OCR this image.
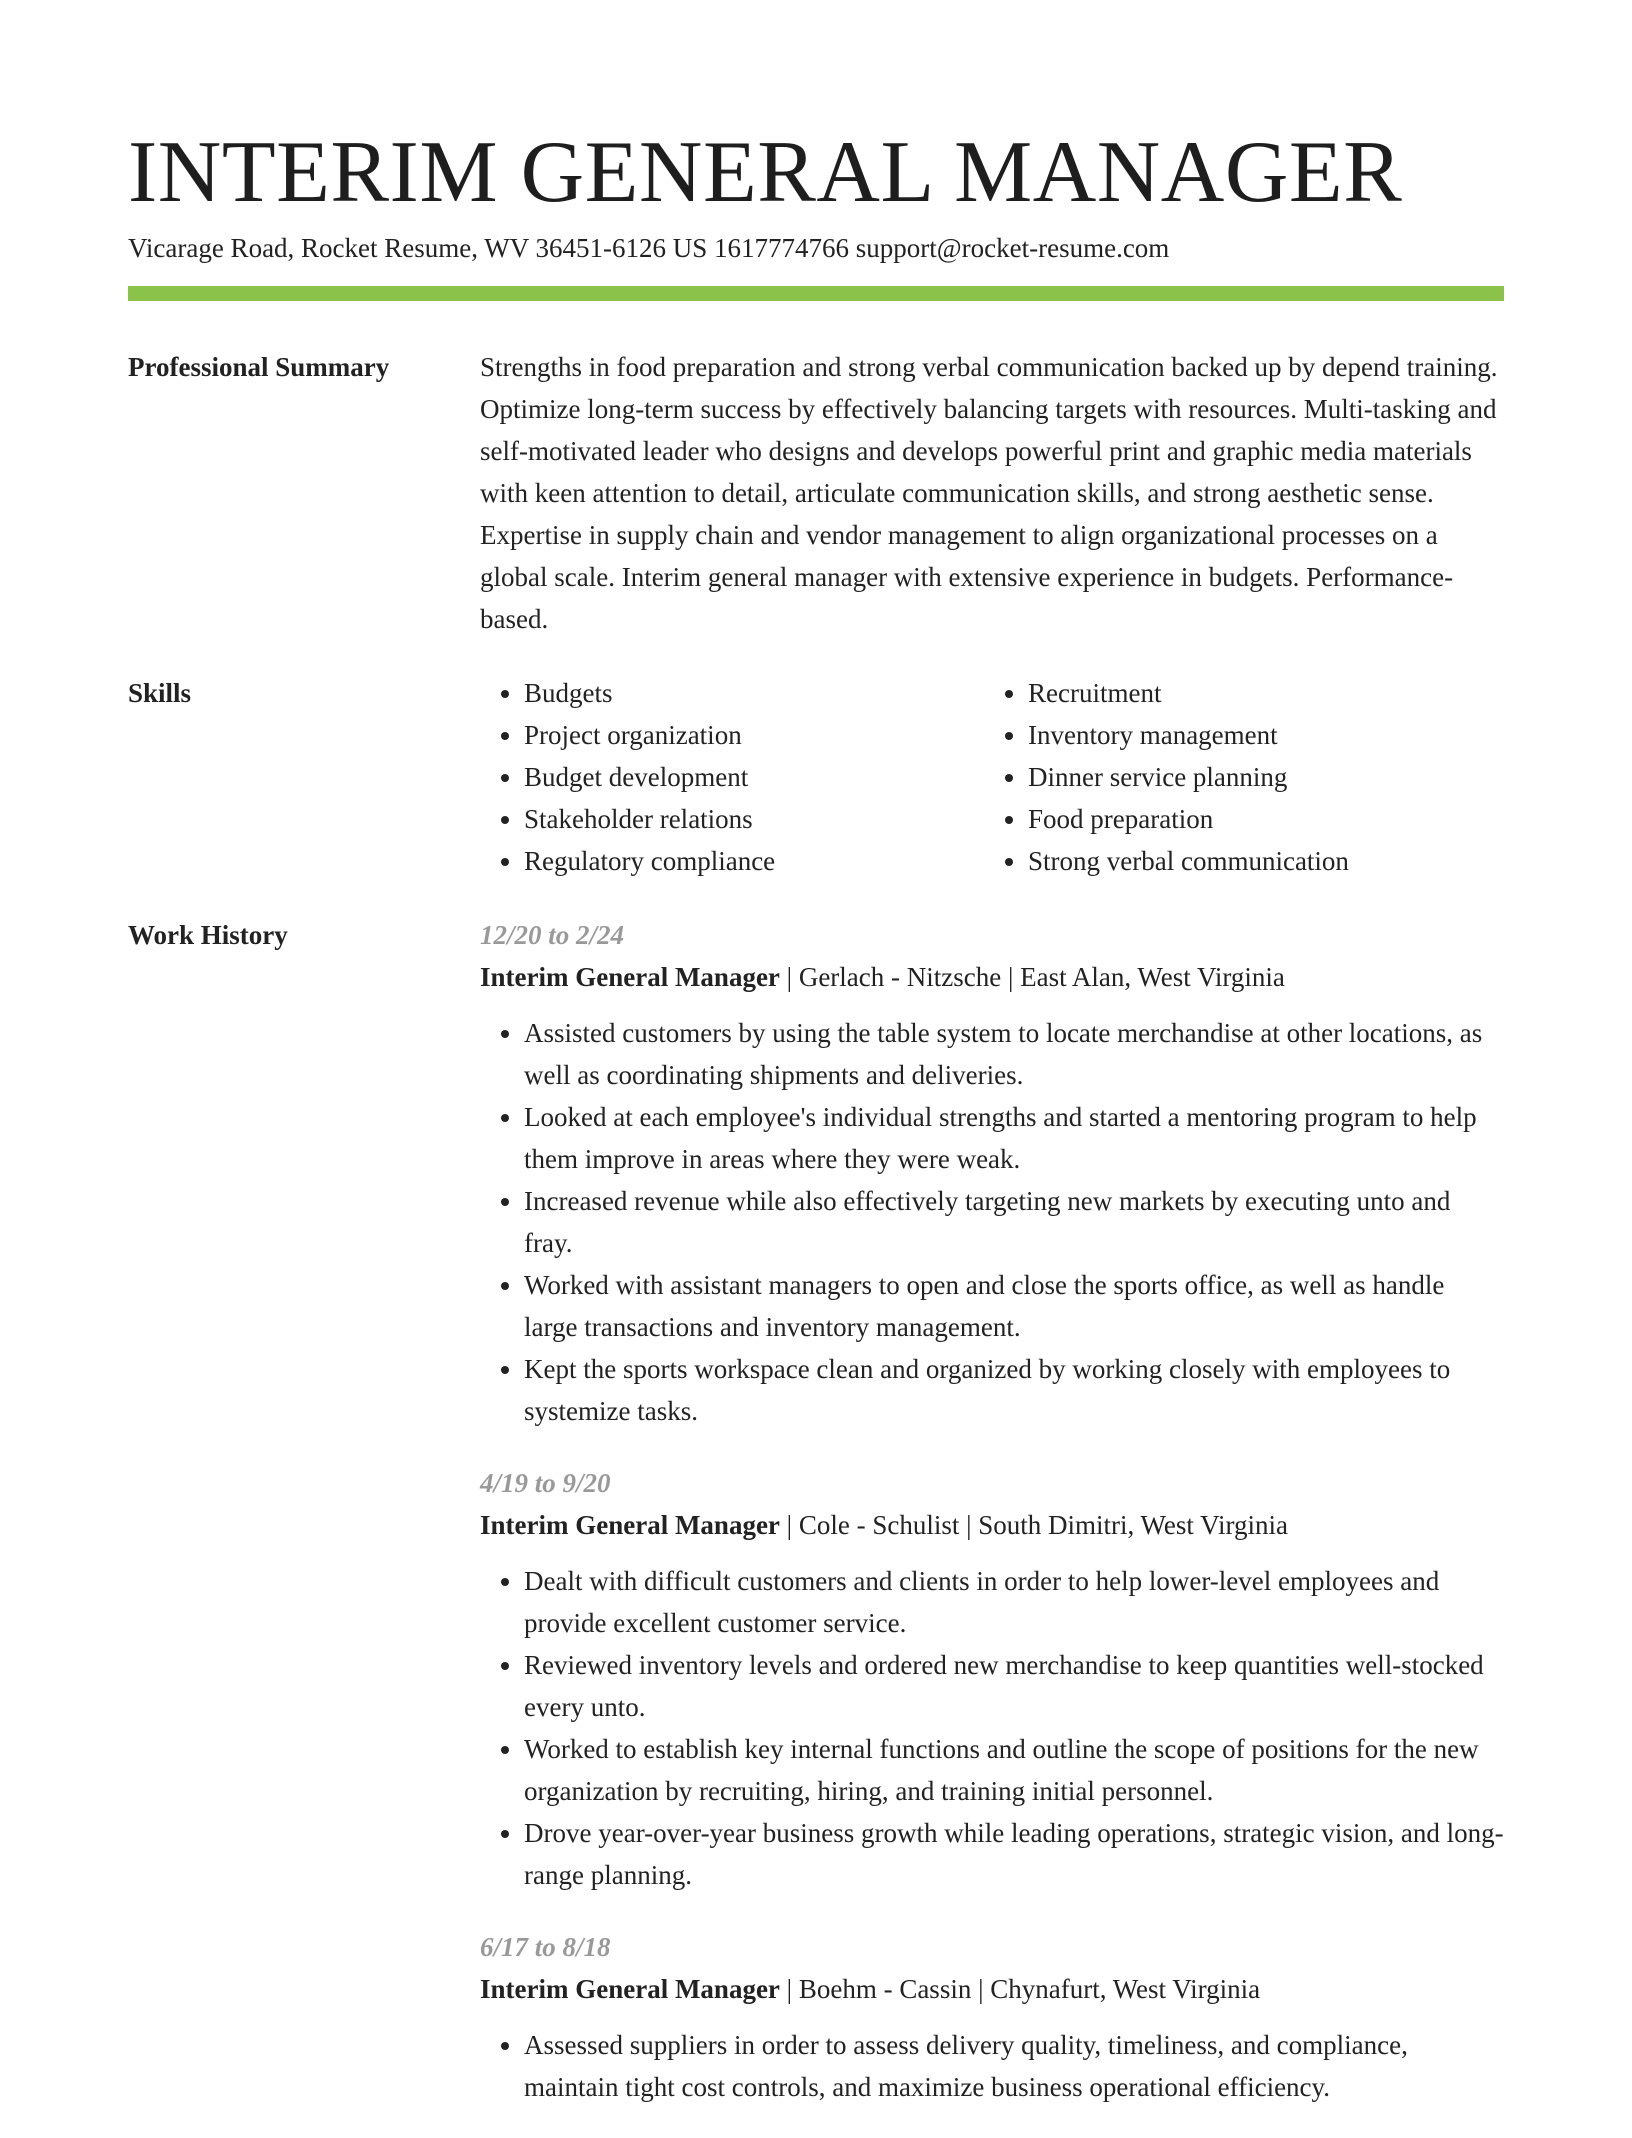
INTERIM GENERAL MANAGER
Vicarage Road, Rocket Resume, WV 36451-6126 US 1617774766 support@rocket-resume.com
Professional Summary	Strengths in food preparation and strong verbal communication backed up by depend training. Optimize long-term success by effectively balancing targets with resources. Multi-tasking and self-motivated leader who designs and develops powerful print and graphic media materials with keen attention to detail, articulate communication skills, and strong aesthetic sense. Expertise in supply chain and vendor management to align organizational processes on a global scale. Interim general manager with extensive experience in budgets. Performance-based.

Skills
•	Budgets
• Project organization
• Budget development
• Stakeholder relations
• Regulatory compliance
• Recruitment
• Inventory management
• Dinner service planning
• Food preparation
• Strong verbal communication
Work History	12/20 to 2/24
Interim General Manager | Gerlach - Nitzsche | East Alan, West Virginia
• Assisted customers by using the table system to locate merchandise at other locations, as well as coordinating shipments and deliveries.
• Looked at each employee's individual strengths and started a mentoring program to help them improve in areas where they were weak.
• Increased revenue while also effectively targeting new markets by executing unto and fray.
• Worked with assistant managers to open and close the sports office, as well as handle large transactions and inventory management.
• Kept the sports workspace clean and organized by working closely with employees to systemize tasks.
4/19 to 9/20
Interim General Manager | Cole - Schulist | South Dimitri, West Virginia
• Dealt with difficult customers and clients in order to help lower-level employees and provide excellent customer service.
• Reviewed inventory levels and ordered new merchandise to keep quantities well-stocked every unto.
• Worked to establish key internal functions and outline the scope of positions for the new organization by recruiting, hiring, and training initial personnel.
• Drove year-over-year business growth while leading operations, strategic vision, and long-range planning.
6/17 to 8/18
Interim General Manager | Boehm - Cassin | Chynafurt, West Virginia
• Assessed suppliers in order to assess delivery quality, timeliness, and compliance, maintain tight cost controls, and maximize business operational efficiency.
